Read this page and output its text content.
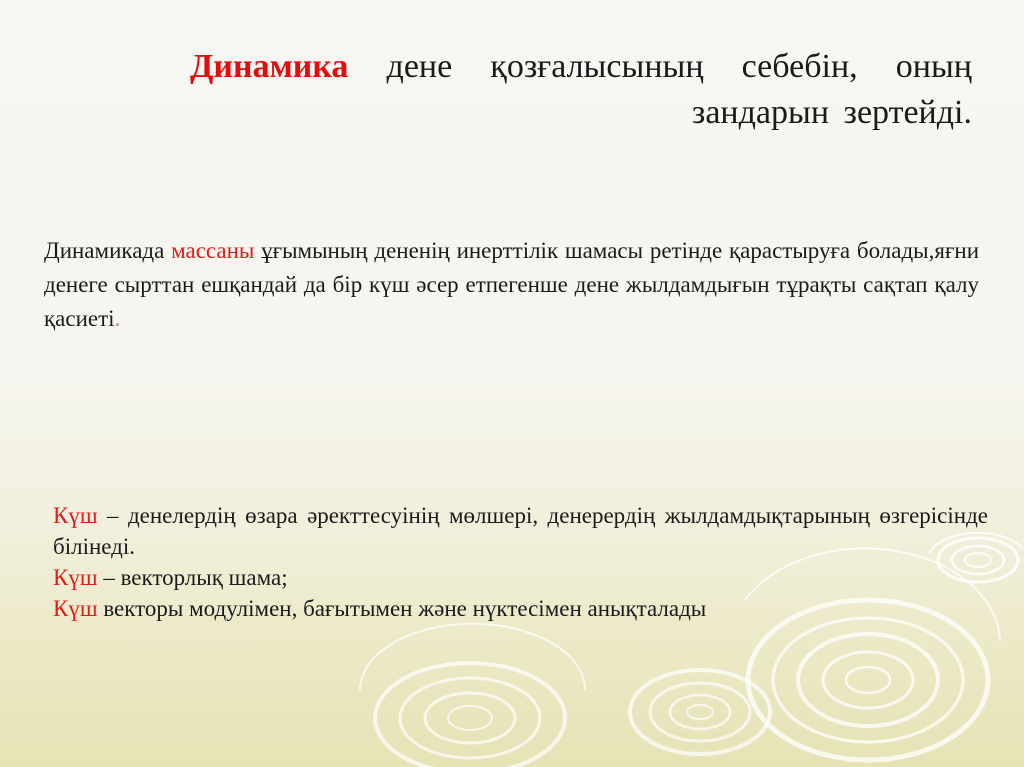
Динамика дене қозғалысының себебін, оның зандарын зертейді.

Динамикада массаны ұғымының дененің инерттілік шамасы ретінде қарастыруға болады,яғни денеге сырттан ешқандай да бір күш әсер етпегенше дене жылдамдығын тұрақты сақтап қалу қасиеті.

Күш – денелердің өзара әректтесуінің мөлшері, денерердің жылдамдықтарының өзгерісінде білінеді.
Күш – векторлық шама;
Күш векторы модулімен, бағытымен және нүктесімен анықталады
